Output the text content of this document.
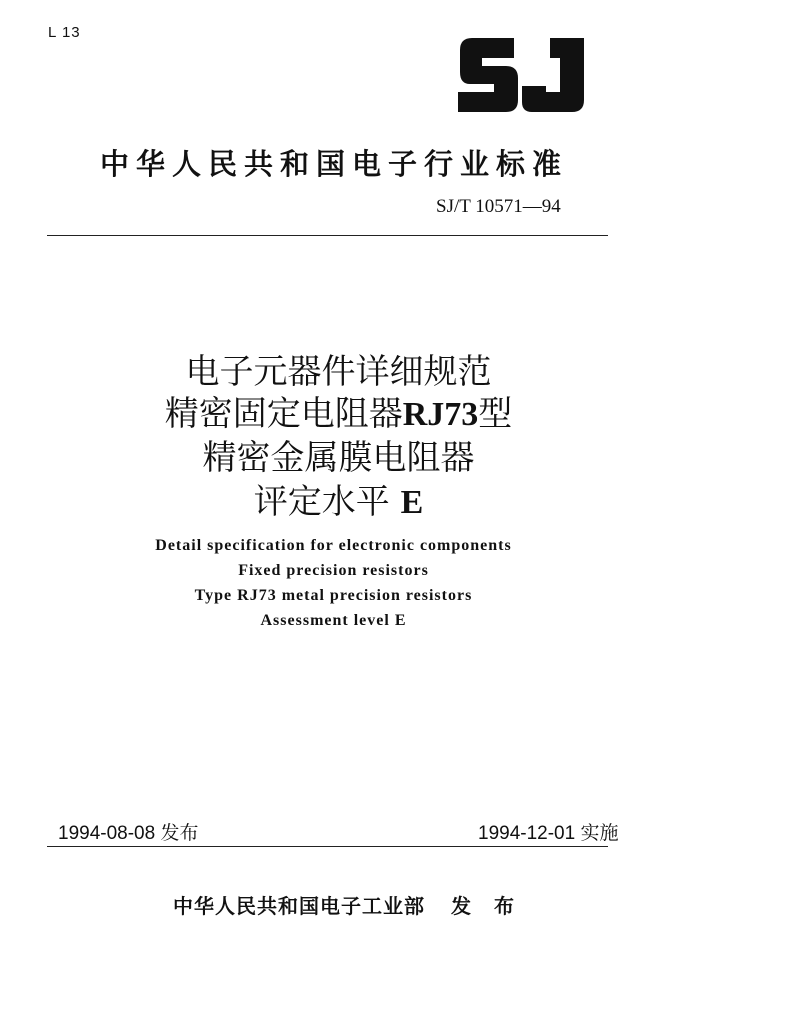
L 13
中华人民共和国电子行业标准
SJ/T 10571—94
电子元器件详细规范
精密固定电阻器RJ73型
精密金属膜电阻器
评定水平 E
Detail specification for electronic components
Fixed precision resistors
Type RJ73 metal precision resistors
Assessment level E
1994-08-08 发布	1994-12-01 实施
中华人民共和国电子工业部 发 布
